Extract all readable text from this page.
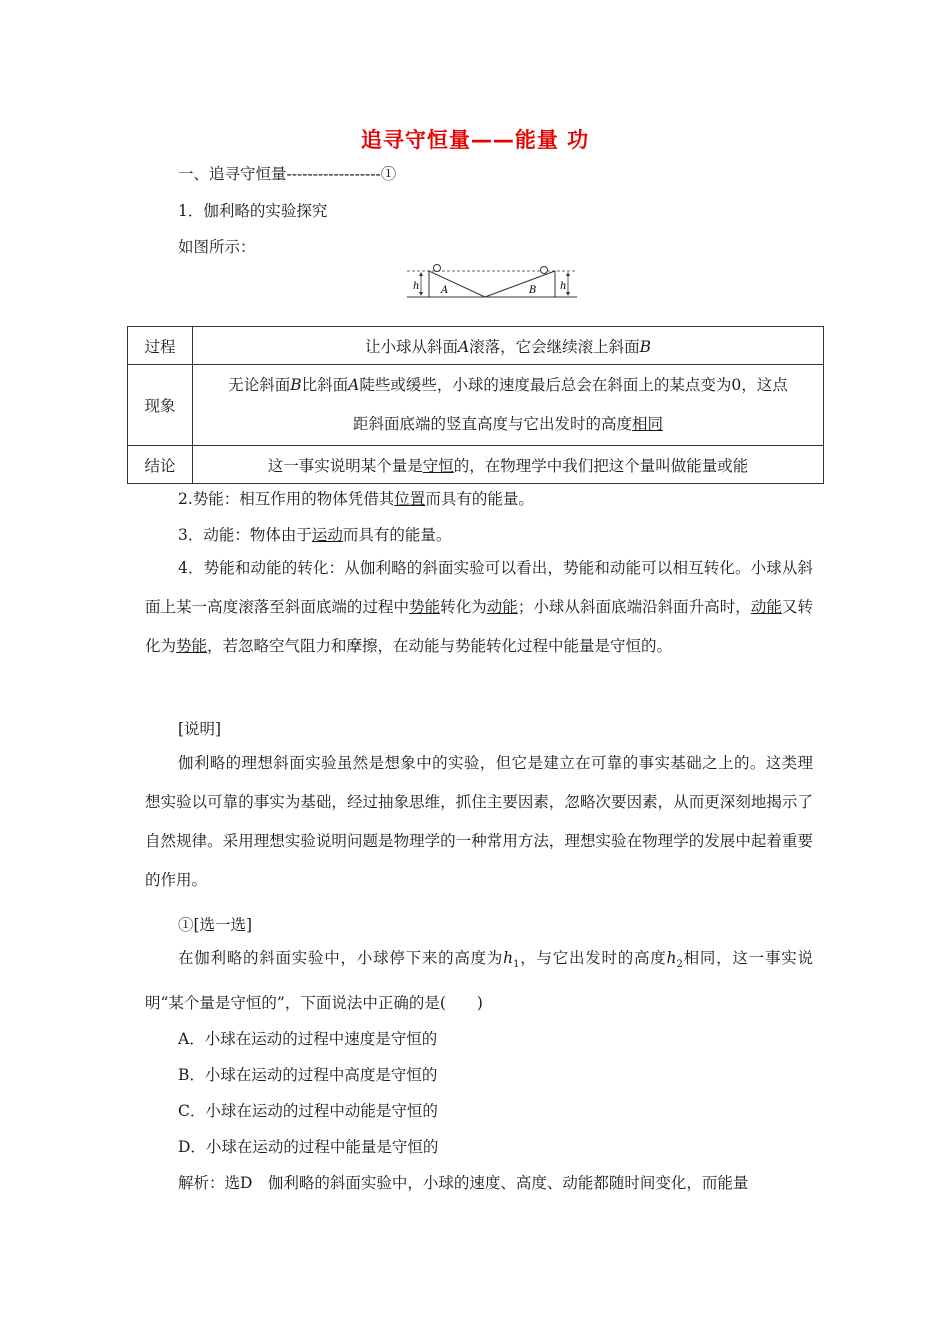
追寻守恒量——能量 功
一、追寻守恒量------------------①
1．伽利略的实验探究
如图所示：
h	h
A	B
过程	让小球从斜面A滚落，它会继续滚上斜面B
现象	无论斜面B比斜面A陡些或缓些，小球的速度最后总会在斜面上的某点变为0，这点
距斜面底端的竖直高度与它出发时的高度相同

结论	这一事实说明某个量是守恒的，在物理学中我们把这个量叫做能量或能
2.势能：相互作用的物体凭借其位置而具有的能量。
3．动能：物体由于运动而具有的能量。
4．势能和动能的转化：从伽利略的斜面实验可以看出，势能和动能可以相互转化。小球从斜面上某一高度滚落至斜面底端的过程中势能转化为动能；小球从斜面底端沿斜面升高时，动能又转化为势能，若忽略空气阻力和摩擦，在动能与势能转化过程中能量是守恒的。
[说明]
伽利略的理想斜面实验虽然是想象中的实验，但它是建立在可靠的事实基础之上的。这类理想实验以可靠的事实为基础，经过抽象思维，抓住主要因素，忽略次要因素，从而更深刻地揭示了自然规律。采用理想实验说明问题是物理学的一种常用方法，理想实验在物理学的发展中起着重要的作用。
①[选一选]
在伽利略的斜面实验中，小球停下来的高度为$h_1$，与它出发时的高度$h_2$相同，这一事实说明“某个量是守恒的”，下面说法中正确的是(　　)
A．小球在运动的过程中速度是守恒的
B．小球在运动的过程中高度是守恒的
C．小球在运动的过程中动能是守恒的
D．小球在运动的过程中能量是守恒的
解析：选D　伽利略的斜面实验中，小球的速度、高度、动能都随时间变化，而能量
